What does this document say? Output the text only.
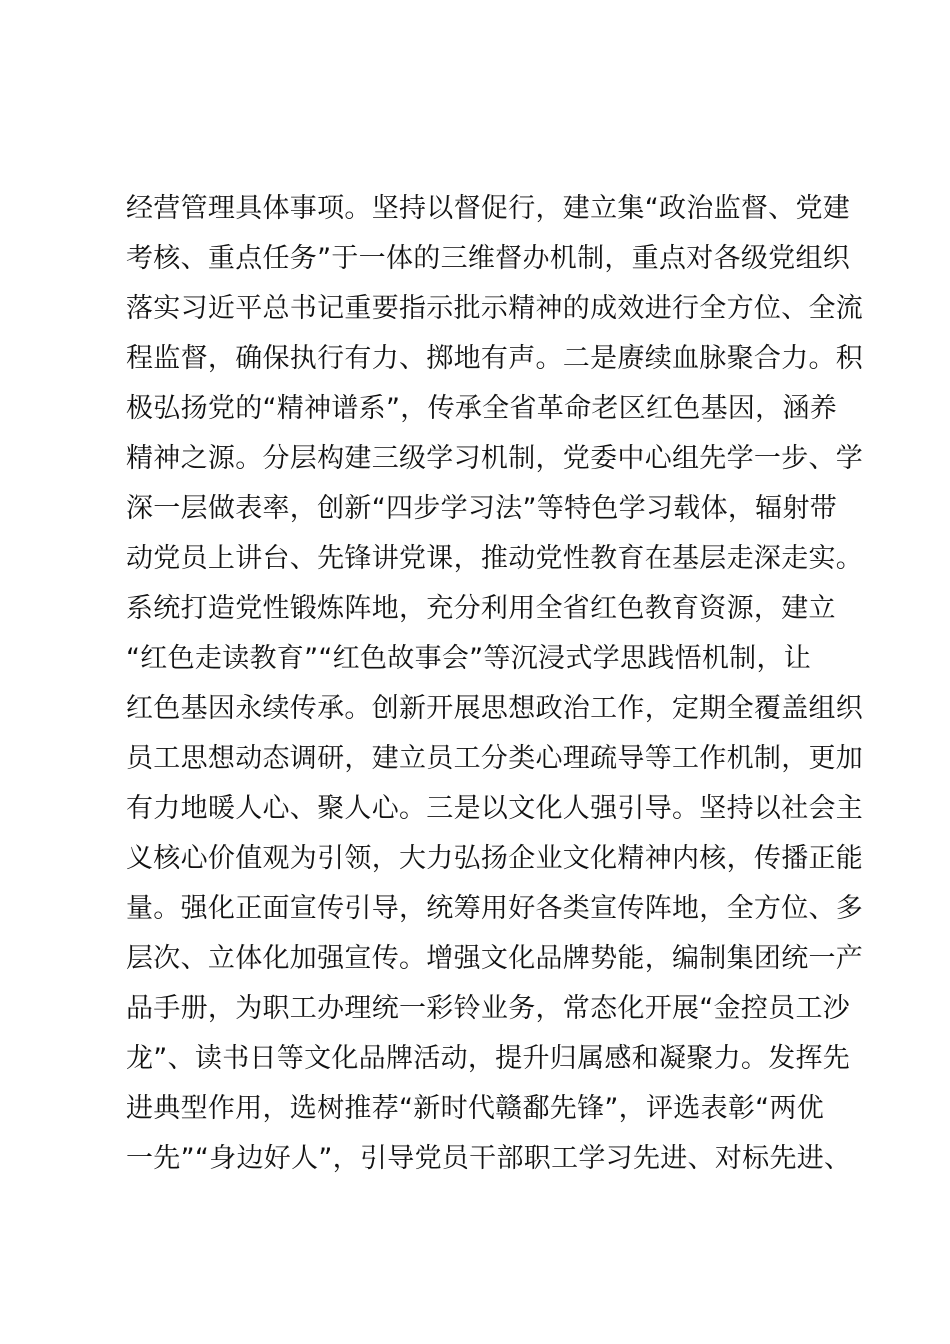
经营管理具体事项。坚持以督促行，建立集“政治监督、党建
考核、重点任务”于一体的三维督办机制，重点对各级党组织
落实习近平总书记重要指示批示精神的成效进行全方位、全流
程监督，确保执行有力、掷地有声。二是赓续血脉聚合力。积
极弘扬党的“精神谱系”，传承全省革命老区红色基因，涵养
精神之源。分层构建三级学习机制，党委中心组先学一步、学
深一层做表率，创新“四步学习法”等特色学习载体，辐射带
动党员上讲台、先锋讲党课，推动党性教育在基层走深走实。
系统打造党性锻炼阵地，充分利用全省红色教育资源，建立
“红色走读教育”“红色故事会”等沉浸式学思践悟机制，让
红色基因永续传承。创新开展思想政治工作，定期全覆盖组织
员工思想动态调研，建立员工分类心理疏导等工作机制，更加
有力地暖人心、聚人心。三是以文化人强引导。坚持以社会主
义核心价值观为引领，大力弘扬企业文化精神内核，传播正能
量。强化正面宣传引导，统筹用好各类宣传阵地，全方位、多
层次、立体化加强宣传。增强文化品牌势能，编制集团统一产
品手册，为职工办理统一彩铃业务，常态化开展“金控员工沙
龙”、读书日等文化品牌活动，提升归属感和凝聚力。发挥先
进典型作用，选树推荐“新时代赣鄱先锋”，评选表彰“两优
一先”“身边好人”，引导党员干部职工学习先进、对标先进、
